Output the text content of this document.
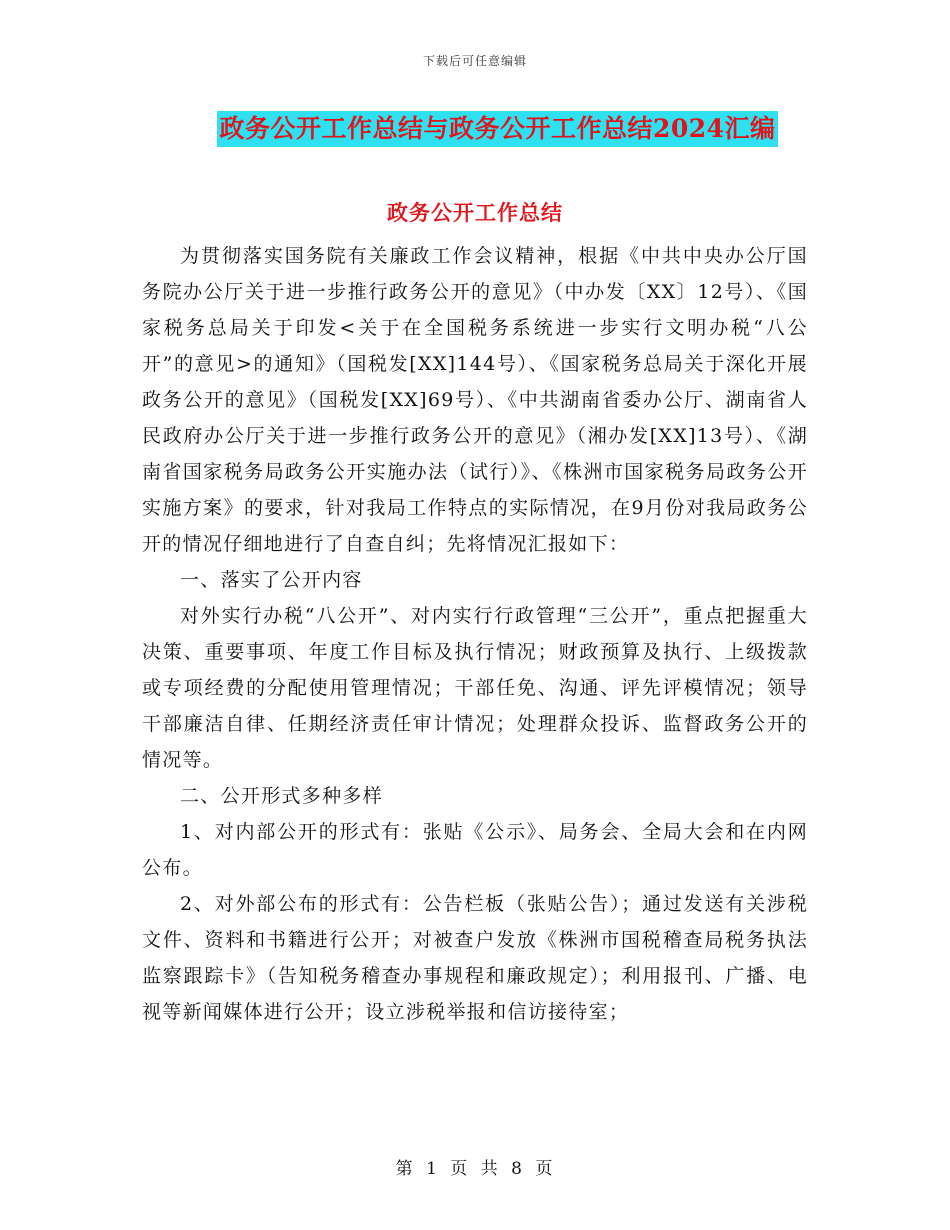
下载后可任意编辑
政务公开工作总结与政务公开工作总结2024汇编
政务公开工作总结

为贯彻落实国务院有关廉政工作会议精神，根据《中共中央办公厅国务院办公厅关于进一步推行政务公开的意见》（中办发〔XX〕12号）、《国家税务总局关于印发<关于在全国税务系统进一步实行文明办税“八公开”的意见>的通知》（国税发[XX]144号）、《国家税务总局关于深化开展政务公开的意见》（国税发[XX]69号）、《中共湖南省委办公厅、湖南省人民政府办公厅关于进一步推行政务公开的意见》（湘办发[XX]13号）、《湖南省国家税务局政务公开实施办法（试行）》、《株洲市国家税务局政务公开实施方案》的要求，针对我局工作特点的实际情况，在9月份对我局政务公开的情况仔细地进行了自查自纠；先将情况汇报如下：

一、落实了公开内容

对外实行办税“八公开”、对内实行行政管理“三公开”，重点把握重大决策、重要事项、年度工作目标及执行情况；财政预算及执行、上级拨款或专项经费的分配使用管理情况；干部任免、沟通、评先评模情况；领导干部廉洁自律、任期经济责任审计情况；处理群众投诉、监督政务公开的情况等。

二、公开形式多种多样

1、对内部公开的形式有：张贴《公示》、局务会、全局大会和在内网公布。

2、对外部公布的形式有：公告栏板（张贴公告）；通过发送有关涉税文件、资料和书籍进行公开；对被查户发放《株洲市国税稽查局税务执法监察跟踪卡》（告知税务稽查办事规程和廉政规定）；利用报刊、广播、电视等新闻媒体进行公开；设立涉税举报和信访接待室；

第 1 页 共 8 页
